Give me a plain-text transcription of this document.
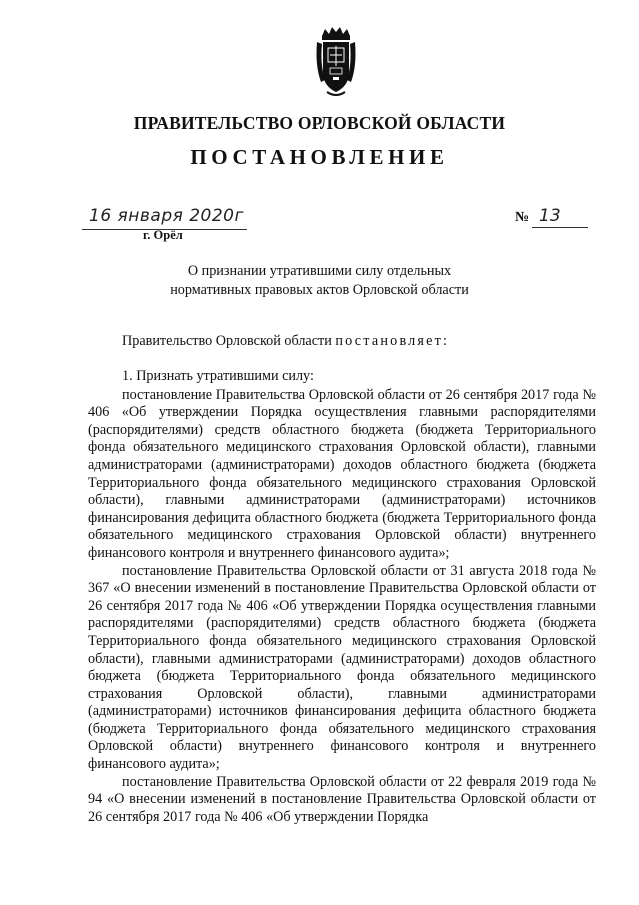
ПРАВИТЕЛЬСТВО ОРЛОВСКОЙ ОБЛАСТИ
ПОСТАНОВЛЕНИЕ
16 января 2020г
г. Орёл
№ 13
О признании утратившими силу отдельных
нормативных правовых актов Орловской области
Правительство Орловской области постановляет:

1. Признать утратившими силу:

постановление Правительства Орловской области от 26 сентября 2017 года № 406 «Об утверждении Порядка осуществления главными распорядителями (распорядителями) средств областного бюджета (бюджета Территориального фонда обязательного медицинского страхования Орловской области), главными администраторами (администраторами) доходов областного бюджета (бюджета Территориального фонда обязательного медицинского страхования Орловской области), главными администраторами (администраторами) источников финансирования дефицита областного бюджета (бюджета Территориального фонда обязательного медицинского страхования Орловской области) внутреннего финансового контроля и внутреннего финансового аудита»;

постановление Правительства Орловской области от 31 августа 2018 года № 367 «О внесении изменений в постановление Правительства Орловской области от 26 сентября 2017 года № 406 «Об утверждении Порядка осуществления главными распорядителями (распорядителями) средств областного бюджета (бюджета Территориального фонда обязательного медицинского страхования Орловской области), главными администраторами (администраторами) доходов областного бюджета (бюджета Территориального фонда обязательного медицинского страхования Орловской области), главными администраторами (администраторами) источников финансирования дефицита областного бюджета (бюджета Территориального фонда обязательного медицинского страхования Орловской области) внутреннего финансового контроля и внутреннего финансового аудита»;

постановление Правительства Орловской области от 22 февраля 2019 года № 94 «О внесении изменений в постановление Правительства Орловской области от 26 сентября 2017 года № 406 «Об утверждении Порядка
